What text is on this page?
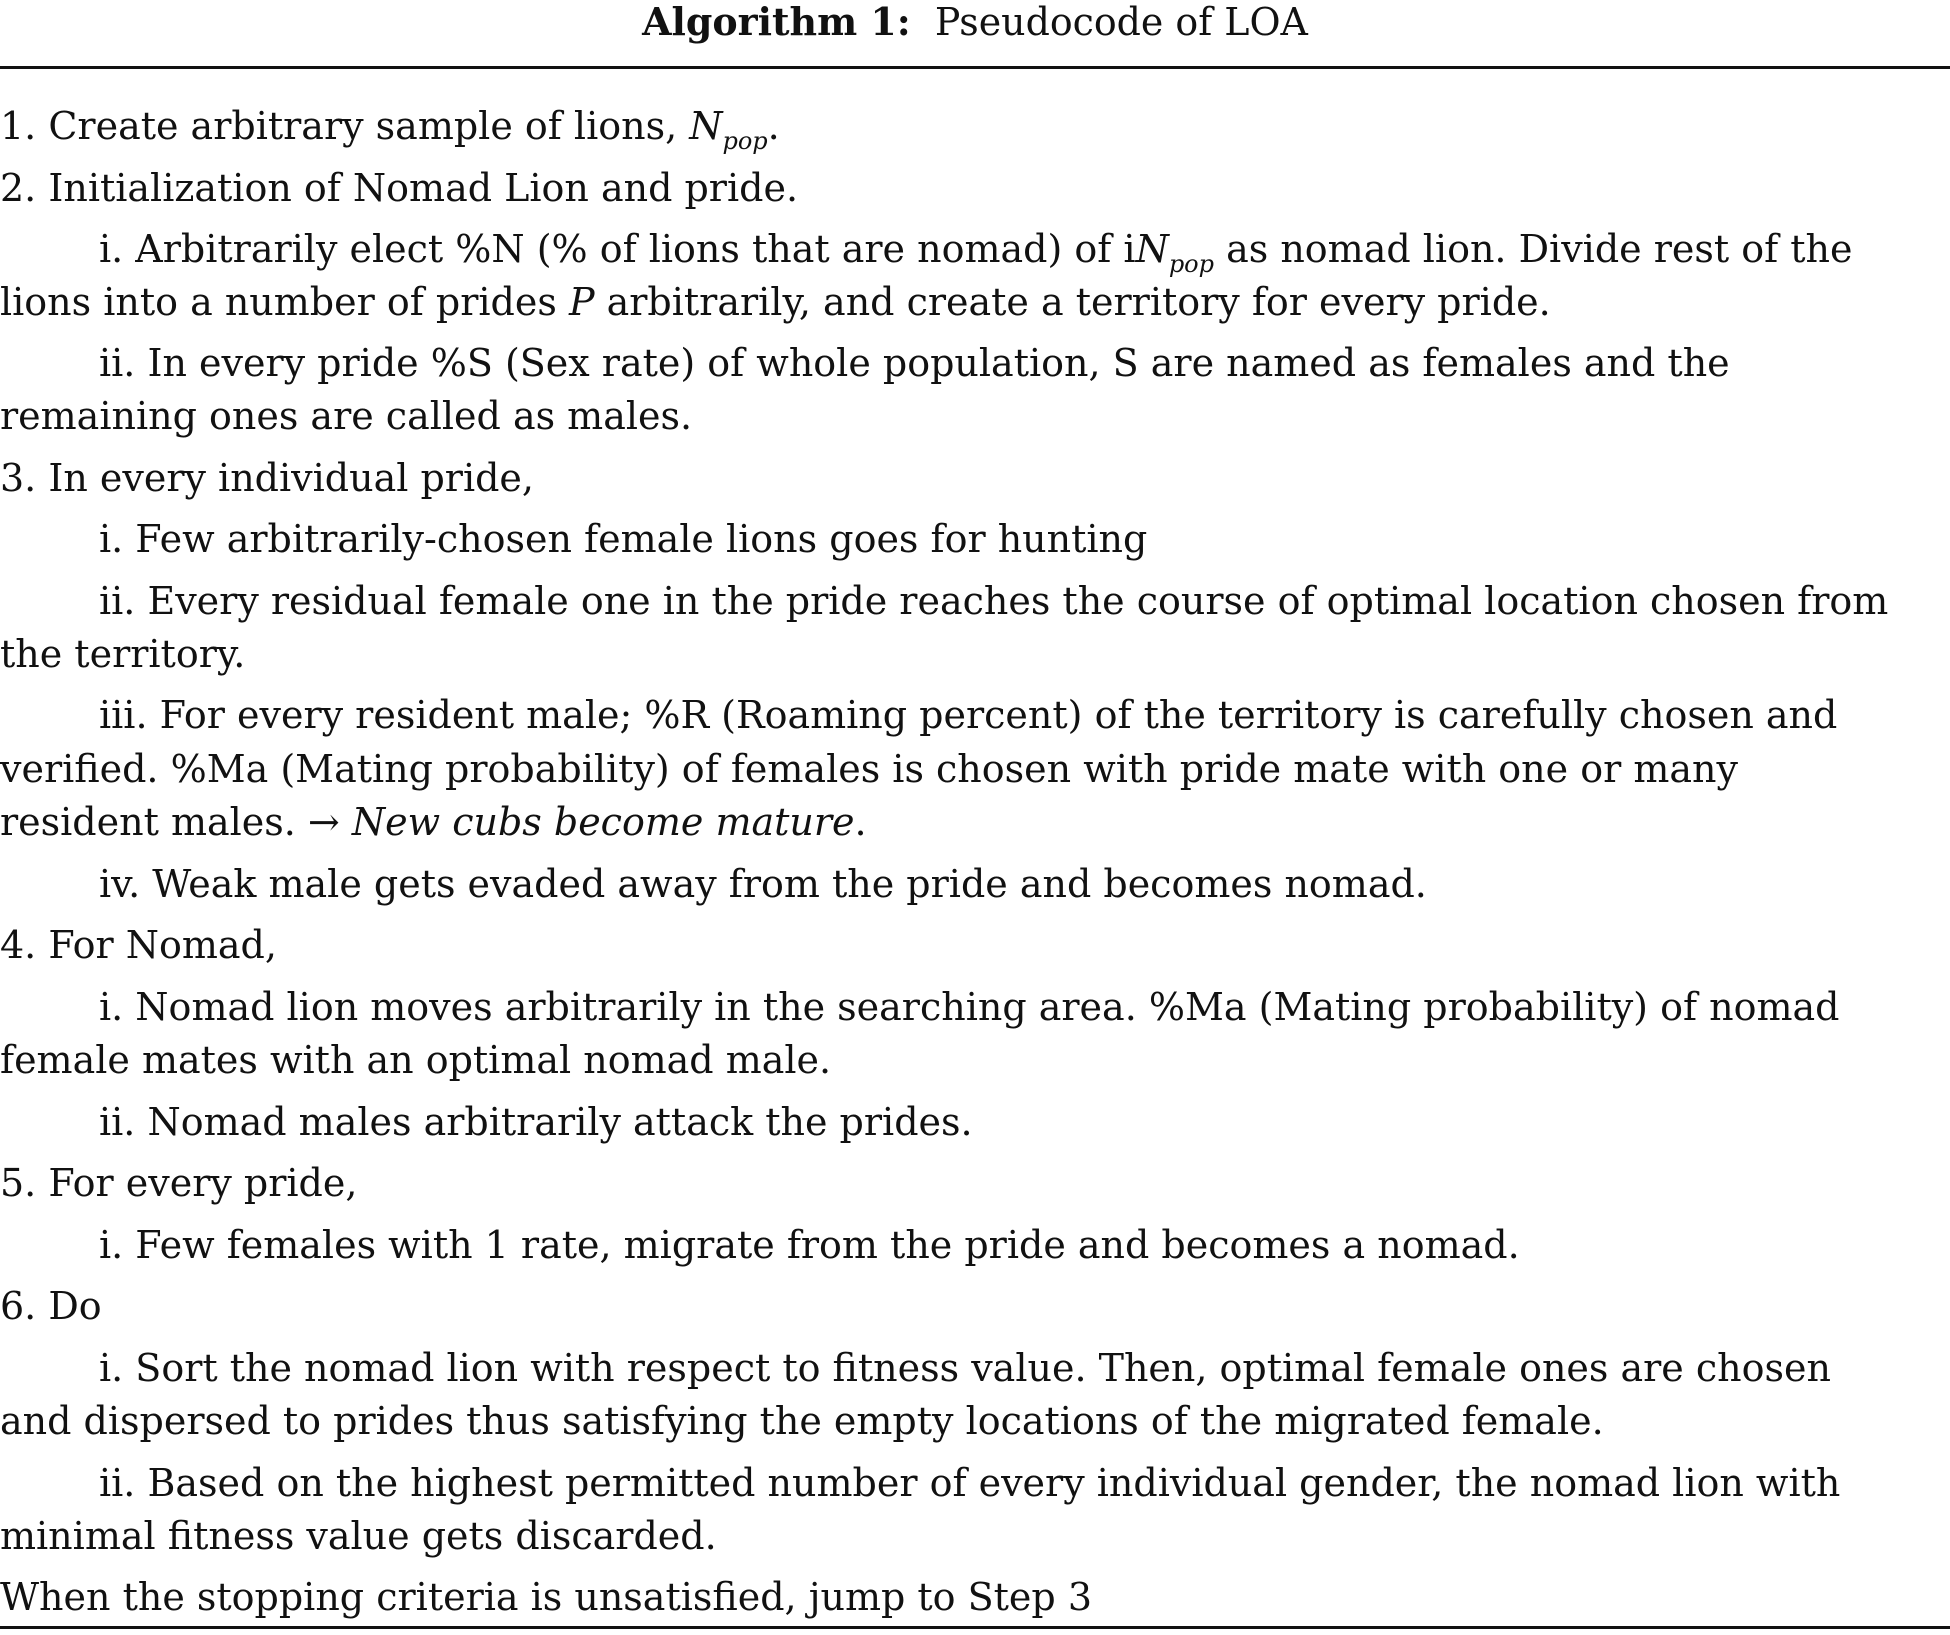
Algorithm 1: Pseudocode of LOA
1. Create arbitrary sample of lions, $N_{pop}$.
2. Initialization of Nomad Lion and pride.
i. Arbitrarily elect %N (% of lions that are nomad) of $iN_{pop}$ as nomad lion. Divide rest of the
lions into a number of prides P arbitrarily, and create a territory for every pride.
ii. In every pride %S (Sex rate) of whole population, S are named as females and the
remaining ones are called as males.
3. In every individual pride,
i. Few arbitrarily-chosen female lions goes for hunting
ii. Every residual female one in the pride reaches the course of optimal location chosen from
the territory.
iii. For every resident male; %R (Roaming percent) of the territory is carefully chosen and
verified. %Ma (Mating probability) of females is chosen with pride mate with one or many
resident males. → New cubs become mature.
iv. Weak male gets evaded away from the pride and becomes nomad.
4. For Nomad,
i. Nomad lion moves arbitrarily in the searching area. %Ma (Mating probability) of nomad
female mates with an optimal nomad male.
ii. Nomad males arbitrarily attack the prides.
5. For every pride,
i. Few females with 1 rate, migrate from the pride and becomes a nomad.
6. Do
i. Sort the nomad lion with respect to fitness value. Then, optimal female ones are chosen
and dispersed to prides thus satisfying the empty locations of the migrated female.
ii. Based on the highest permitted number of every individual gender, the nomad lion with
minimal fitness value gets discarded.
When the stopping criteria is unsatisfied, jump to Step 3
